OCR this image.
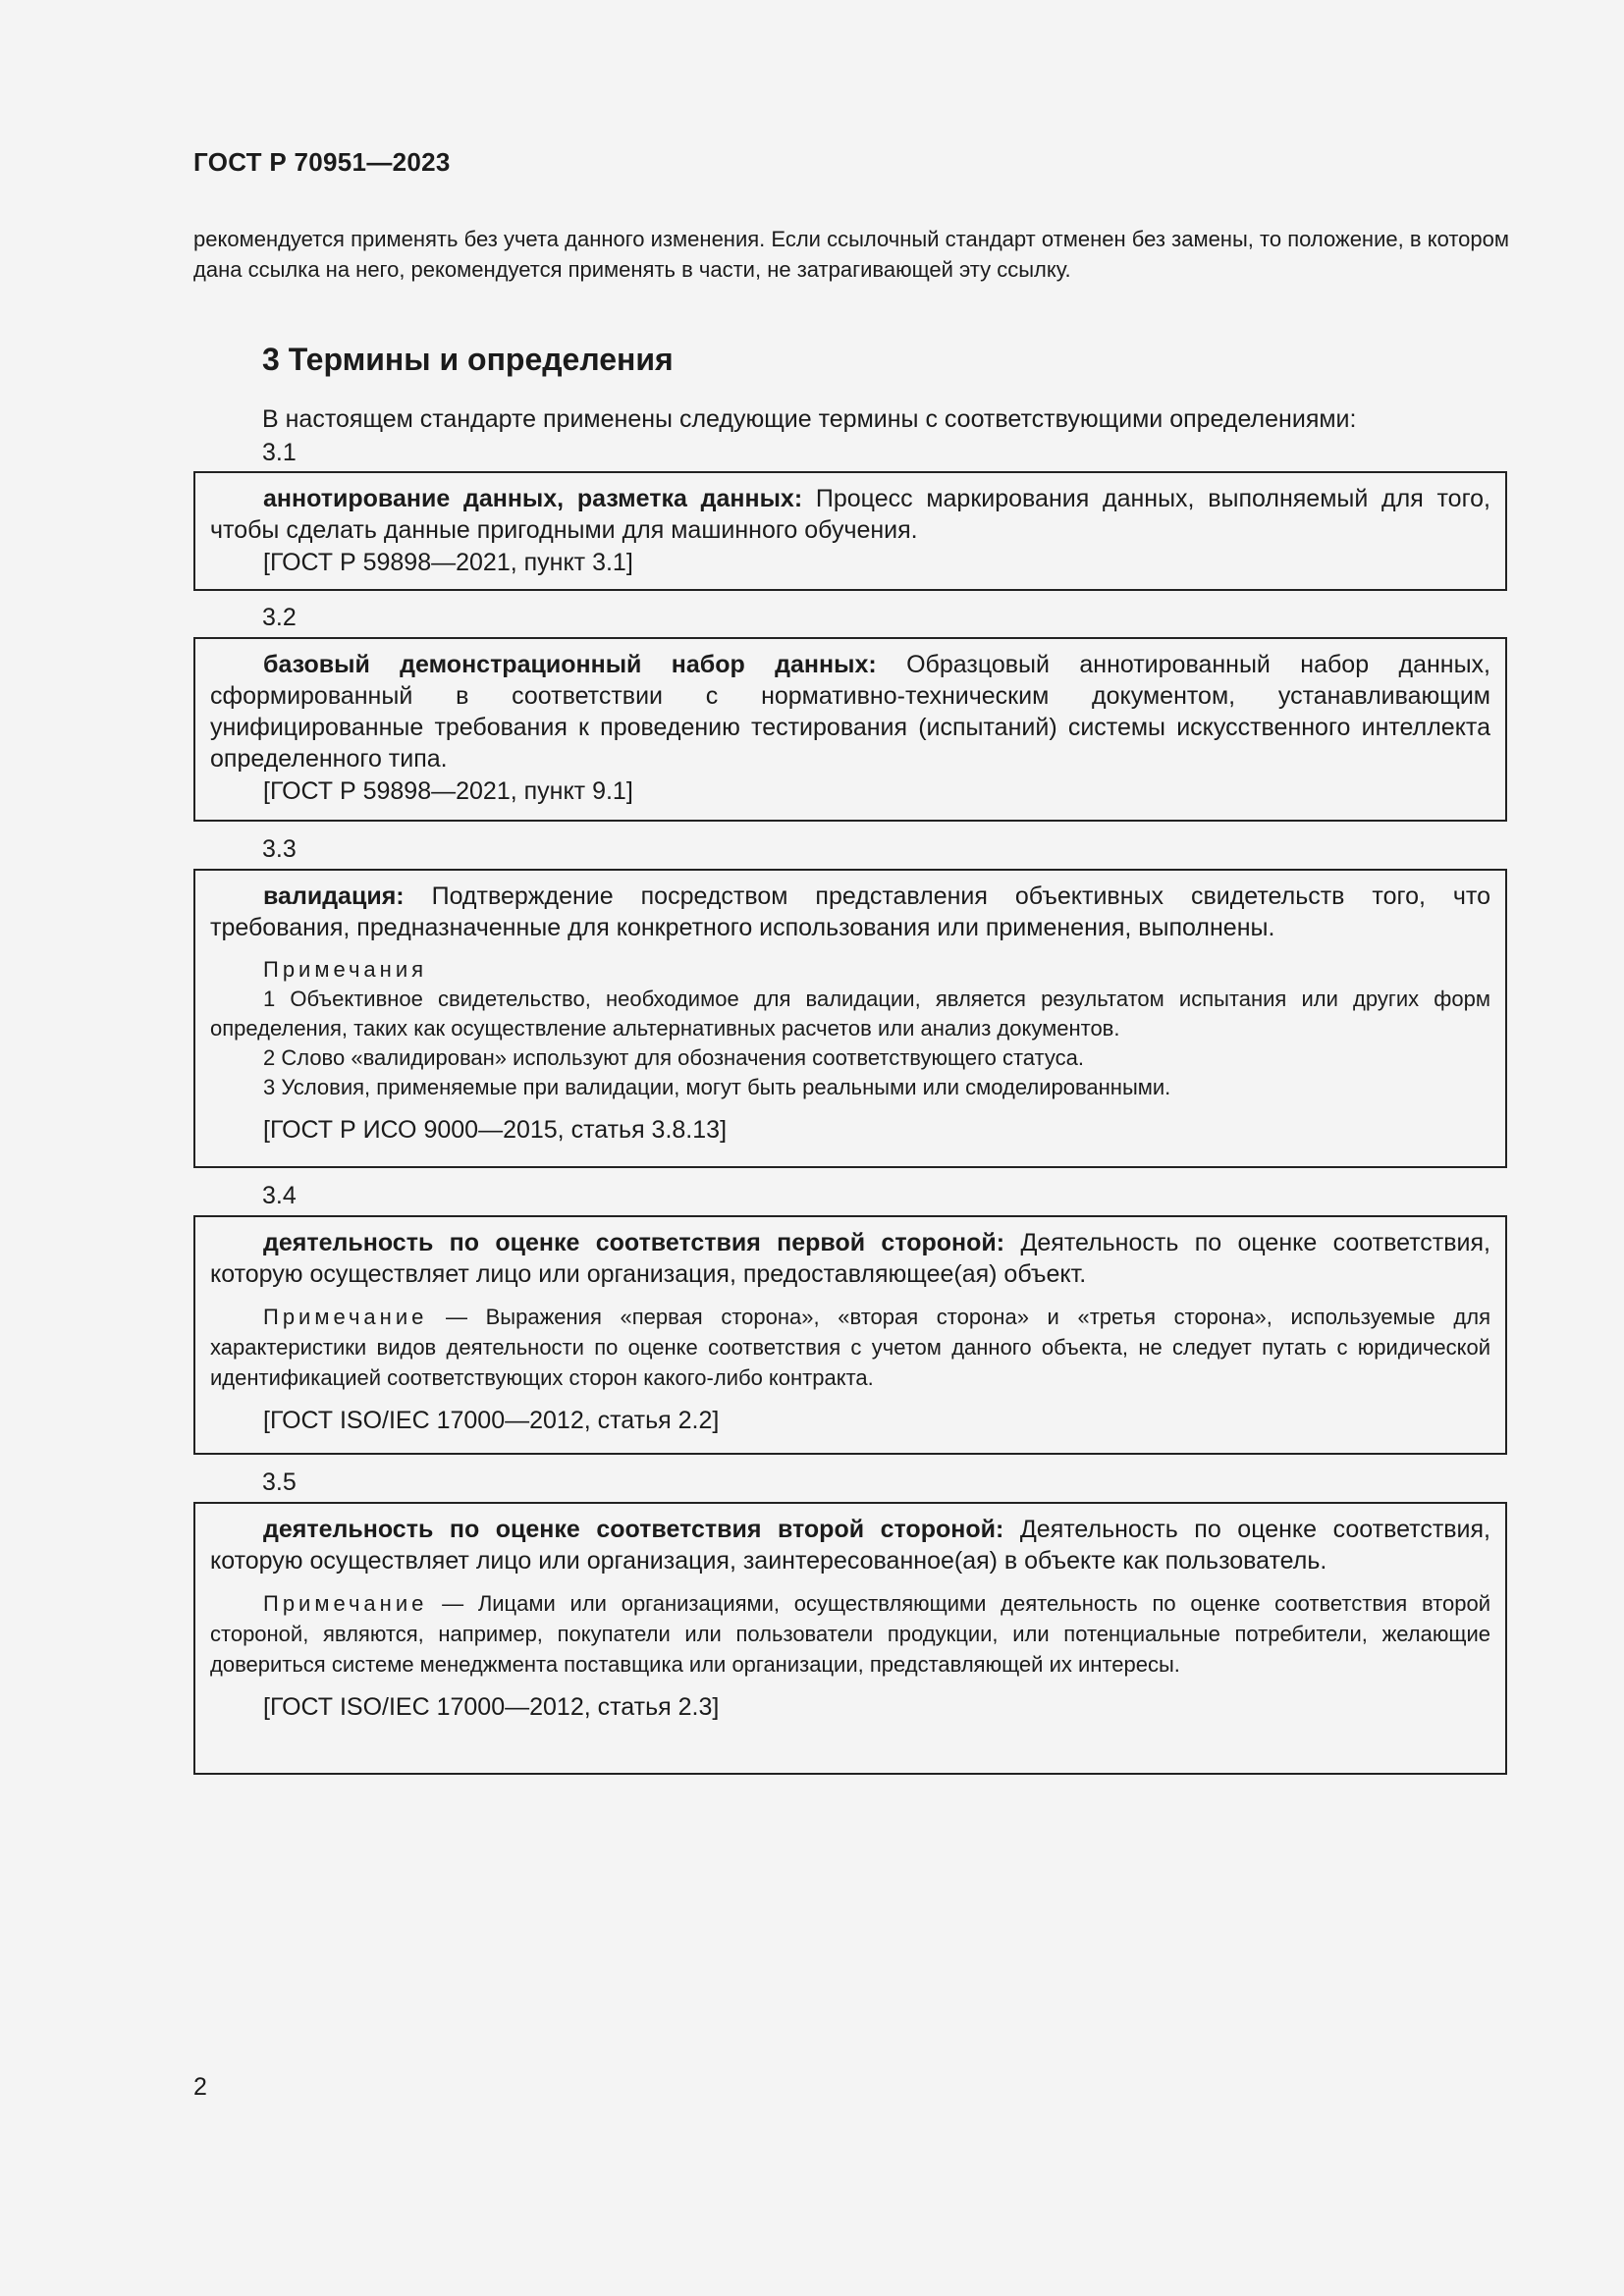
ГОСТ Р 70951—2023
рекомендуется применять без учета данного изменения. Если ссылочный стандарт отменен без замены, то положение, в котором дана ссылка на него, рекомендуется применять в части, не затрагивающей эту ссылку.
3 Термины и определения
В настоящем стандарте применены следующие термины с соответствующими определениями:
3.1

аннотирование данных, разметка данных: Процесс маркирования данных, выполняемый для того, чтобы сделать данные пригодными для машинного обучения.

[ГОСТ Р 59898—2021, пункт 3.1]

3.2

базовый демонстрационный набор данных: Образцовый аннотированный набор данных, сформированный в соответствии с нормативно-техническим документом, устанавливающим унифицированные требования к проведению тестирования (испытаний) системы искусственного интеллекта определенного типа.

[ГОСТ Р 59898—2021, пункт 9.1]

3.3

валидация: Подтверждение посредством представления объективных свидетельств того, что требования, предназначенные для конкретного использования или применения, выполнены.

Примечания

1 Объективное свидетельство, необходимое для валидации, является результатом испытания или других форм определения, таких как осуществление альтернативных расчетов или анализ документов.

2 Слово «валидирован» используют для обозначения соответствующего статуса.

3 Условия, применяемые при валидации, могут быть реальными или смоделированными.

[ГОСТ Р ИСО 9000—2015, статья 3.8.13]

3.4

деятельность по оценке соответствия первой стороной: Деятельность по оценке соответствия, которую осуществляет лицо или организация, предоставляющее(ая) объект.

Примечание — Выражения «первая сторона», «вторая сторона» и «третья сторона», используемые для характеристики видов деятельности по оценке соответствия с учетом данного объекта, не следует путать с юридической идентификацией соответствующих сторон какого-либо контракта.

[ГОСТ ISO/IEC 17000—2012, статья 2.2]

3.5

деятельность по оценке соответствия второй стороной: Деятельность по оценке соответствия, которую осуществляет лицо или организация, заинтересованное(ая) в объекте как пользователь.

Примечание — Лицами или организациями, осуществляющими деятельность по оценке соответствия второй стороной, являются, например, покупатели или пользователи продукции, или потенциальные потребители, желающие довериться системе менеджмента поставщика или организации, представляющей их интересы.

[ГОСТ ISO/IEC 17000—2012, статья 2.3]

2
